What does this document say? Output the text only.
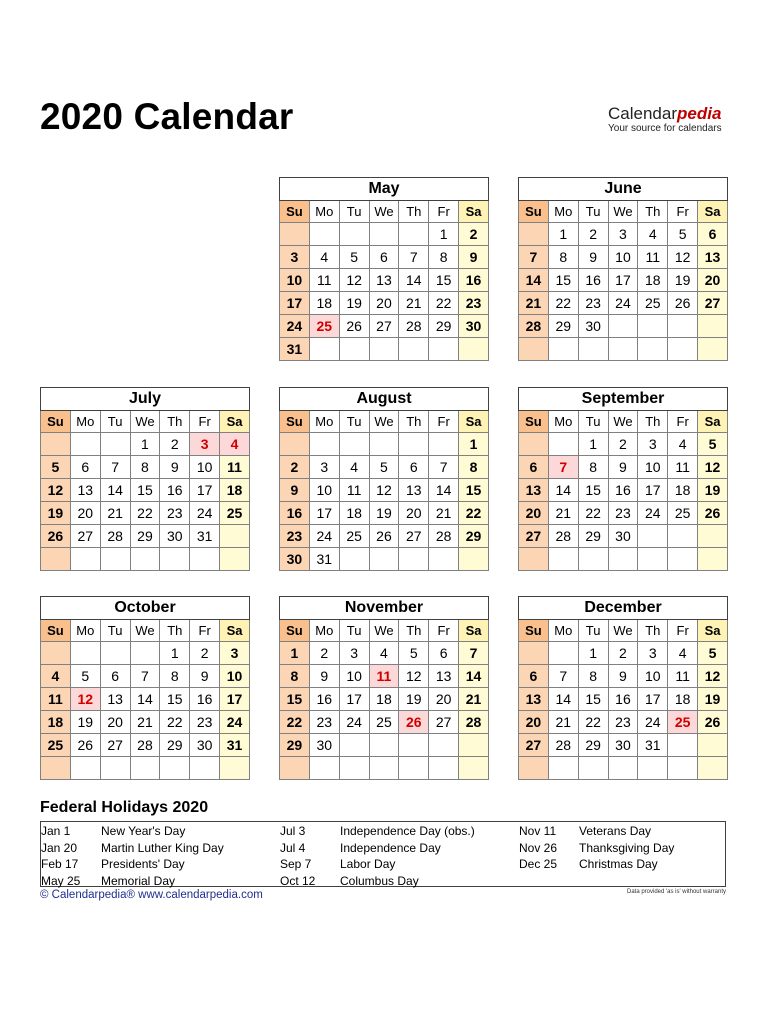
2020 Calendar	Calendarpedia
Your source for calendars
May						
Su	Mo	Tu	We	Th	Fr	Sa
					1	2
3	4	5	6	7	8	9
10	11	12	13	14	15	16
17	18	19	20	21	22	23
24	25	26	27	28	29	30
31						
June						
Su	Mo	Tu	We	Th	Fr	Sa
	1	2	3	4	5	6
7	8	9	10	11	12	13
14	15	16	17	18	19	20
21	22	23	24	25	26	27
28	29	30				

July						
Su	Mo	Tu	We	Th	Fr	Sa
			1	2	3	4
5	6	7	8	9	10	11
12	13	14	15	16	17	18
19	20	21	22	23	24	25
26	27	28	29	30	31	

August						
Su	Mo	Tu	We	Th	Fr	Sa
						1
2	3	4	5	6	7	8
9	10	11	12	13	14	15
16	17	18	19	20	21	22
23	24	25	26	27	28	29
30	31					
September						
Su	Mo	Tu	We	Th	Fr	Sa
		1	2	3	4	5
6	7	8	9	10	11	12
13	14	15	16	17	18	19
20	21	22	23	24	25	26
27	28	29	30			

October						
Su	Mo	Tu	We	Th	Fr	Sa
				1	2	3
4	5	6	7	8	9	10
11	12	13	14	15	16	17
18	19	20	21	22	23	24
25	26	27	28	29	30	31

November						
Su	Mo	Tu	We	Th	Fr	Sa
1	2	3	4	5	6	7
8	9	10	11	12	13	14
15	16	17	18	19	20	21
22	23	24	25	26	27	28
29	30					

December						
Su	Mo	Tu	We	Th	Fr	Sa
		1	2	3	4	5
6	7	8	9	10	11	12
13	14	15	16	17	18	19
20	21	22	23	24	25	26
27	28	29	30	31		

Federal Holidays 2020
Jan 1	New Year's Day
Jan 20 Martin Luther King Day
Feb 17 Presidents' Day
May 25 Memorial Day
Jul 3	Independence Day (obs.)
Jul 4	Independence Day
Sep 7 Labor Day
Oct 12 Columbus Day
Nov 11 Veterans Day
Nov 26 Thanksgiving Day
Dec 25 Christmas Day
© Calendarpedia® www.calendarpedia.com	Data provided 'as is' without warranty
